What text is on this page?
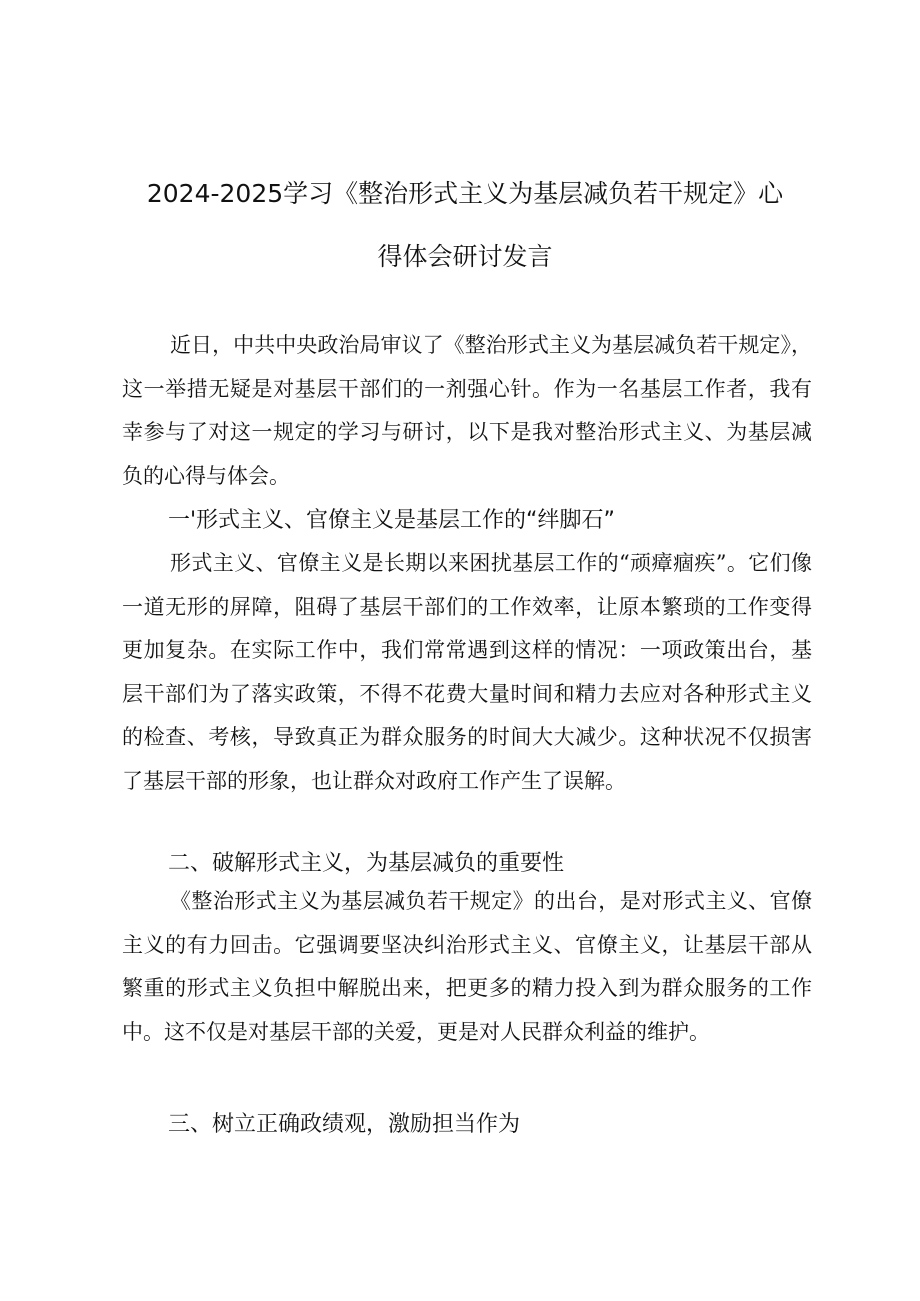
2024-2025学习《整治形式主义为基层减负若干规定》心
得体会研讨发言

近日，中共中央政治局审议了《整治形式主义为基层减负若干规定》，这一举措无疑是对基层干部们的一剂强心针。作为一名基层工作者，我有幸参与了对这一规定的学习与研讨，以下是我对整治形式主义、为基层减负的心得与体会。

一'形式主义、官僚主义是基层工作的“绊脚石”

形式主义、官僚主义是长期以来困扰基层工作的“顽瘴痼疾”。它们像一道无形的屏障，阻碍了基层干部们的工作效率，让原本繁琐的工作变得更加复杂。在实际工作中，我们常常遇到这样的情况：一项政策出台，基层干部们为了落实政策，不得不花费大量时间和精力去应对各种形式主义的检查、考核，导致真正为群众服务的时间大大减少。这种状况不仅损害了基层干部的形象，也让群众对政府工作产生了误解。

二、破解形式主义，为基层减负的重要性

《整治形式主义为基层减负若干规定》的出台，是对形式主义、官僚主义的有力回击。它强调要坚决纠治形式主义、官僚主义，让基层干部从繁重的形式主义负担中解脱出来，把更多的精力投入到为群众服务的工作中。这不仅是对基层干部的关爱，更是对人民群众利益的维护。

三、树立正确政绩观，激励担当作为
